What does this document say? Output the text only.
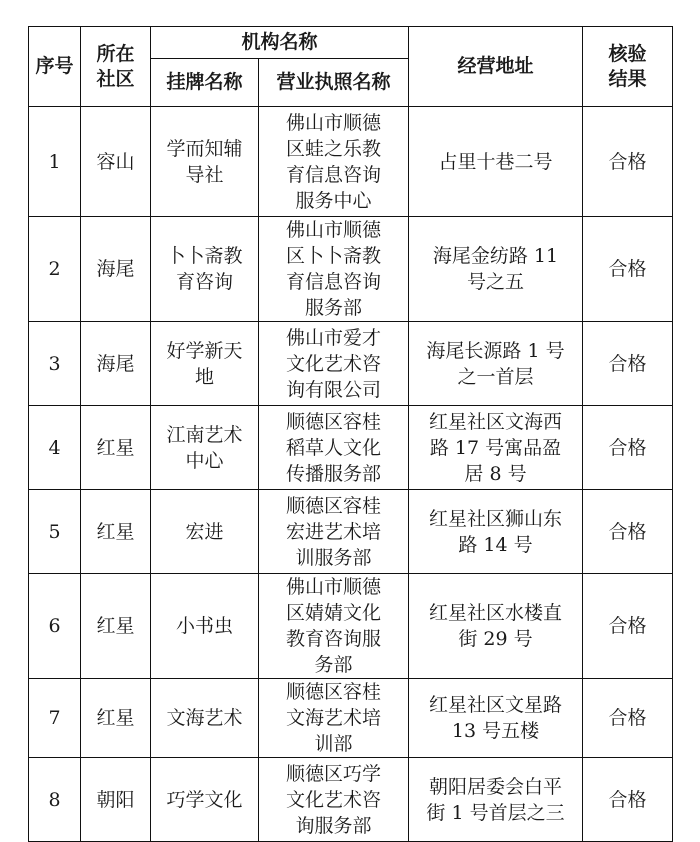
序号	所在社区	机构名称		经营地址	核验结果
		挂牌名称	营业执照名称		
1	容山	学而知辅导社	佛山市顺德区蛙之乐教育信息咨询服务中心	占里十巷二号	合格
2	海尾	卜卜斋教育咨询	佛山市顺德区卜卜斋教育信息咨询服务部	海尾金纺路 11 号之五	合格
3	海尾	好学新天地	佛山市爱才文化艺术咨询有限公司	海尾长源路 1 号之一首层	合格
4	红星	江南艺术中心	顺德区容桂稻草人文化传播服务部	红星社区文海西路 17 号寓品盈居 8 号	合格
5	红星	宏进	顺德区容桂宏进艺术培训服务部	红星社区狮山东路 14 号	合格
6	红星	小书虫	佛山市顺德区婧婧文化教育咨询服务部	红星社区水楼直街 29 号	合格
7	红星	文海艺术	顺德区容桂文海艺术培训部	红星社区文星路 13 号五楼	合格
8	朝阳	巧学文化	顺德区巧学文化艺术咨询服务部	朝阳居委会白平街 1 号首层之三	合格
